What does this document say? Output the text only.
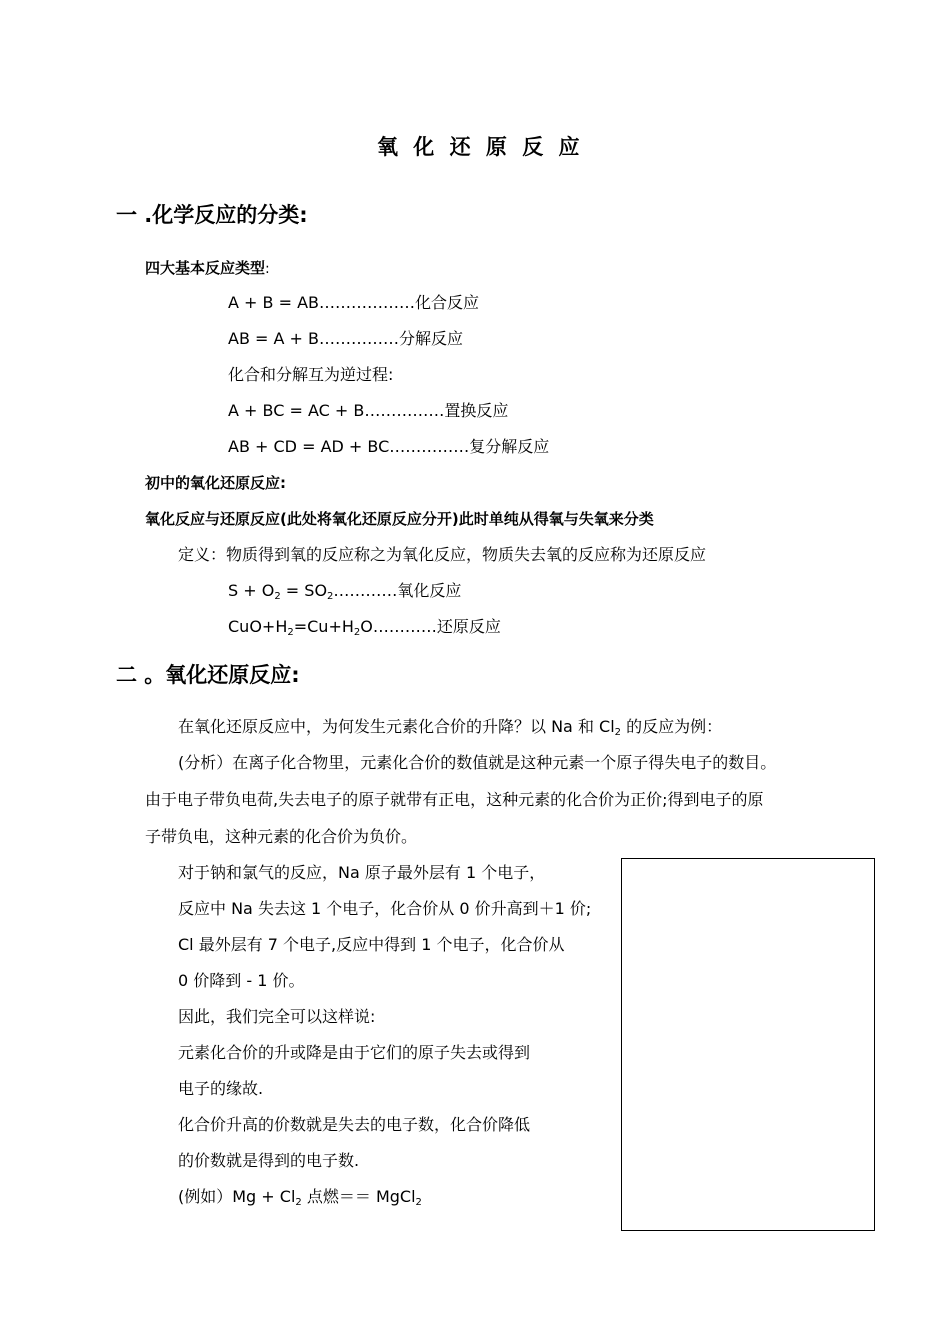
氧 化 还 原 反 应
一 .化学反应的分类:
四大基本反应类型:
A + B = AB………………化合反应
AB = A + B……………分解反应
化合和分解互为逆过程:
A + BC = AC + B……………置换反应
AB + CD = AD + BC……………复分解反应
初中的氧化还原反应:
氧化反应与还原反应(此处将氧化还原反应分开)此时单纯从得氧与失氧来分类
定义：物质得到氧的反应称之为氧化反应，物质失去氧的反应称为还原反应
$S + O_2$ = $SO_2\dots\dots\dots\dots$氧化反应
$CuO+H_2=Cu+H_2O\dots\dots\dots\dots$还原反应
二 。氧化还原反应:
在氧化还原反应中，为何发生元素化合价的升降？以 Na 和 $Cl_2$ 的反应为例：
(分析）在离子化合物里，元素化合价的数值就是这种元素一个原子得失电子的数目。
由于电子带负电荷,失去电子的原子就带有正电，这种元素的化合价为正价;得到电子的原
子带负电，这种元素的化合价为负价。
对于钠和氯气的反应，Na 原子最外层有 1 个电子，
反应中 Na 失去这 1 个电子，化合价从 0 价升高到＋1 价;
Cl 最外层有 7 个电子,反应中得到 1 个电子，化合价从
0 价降到 - 1 价。
因此，我们完全可以这样说:
元素化合价的升或降是由于它们的原子失去或得到
电子的缘故.
化合价升高的价数就是失去的电子数，化合价降低
的价数就是得到的电子数.
(例如）$Mg + Cl_2$ 点燃＝＝ MgCl$_2$
